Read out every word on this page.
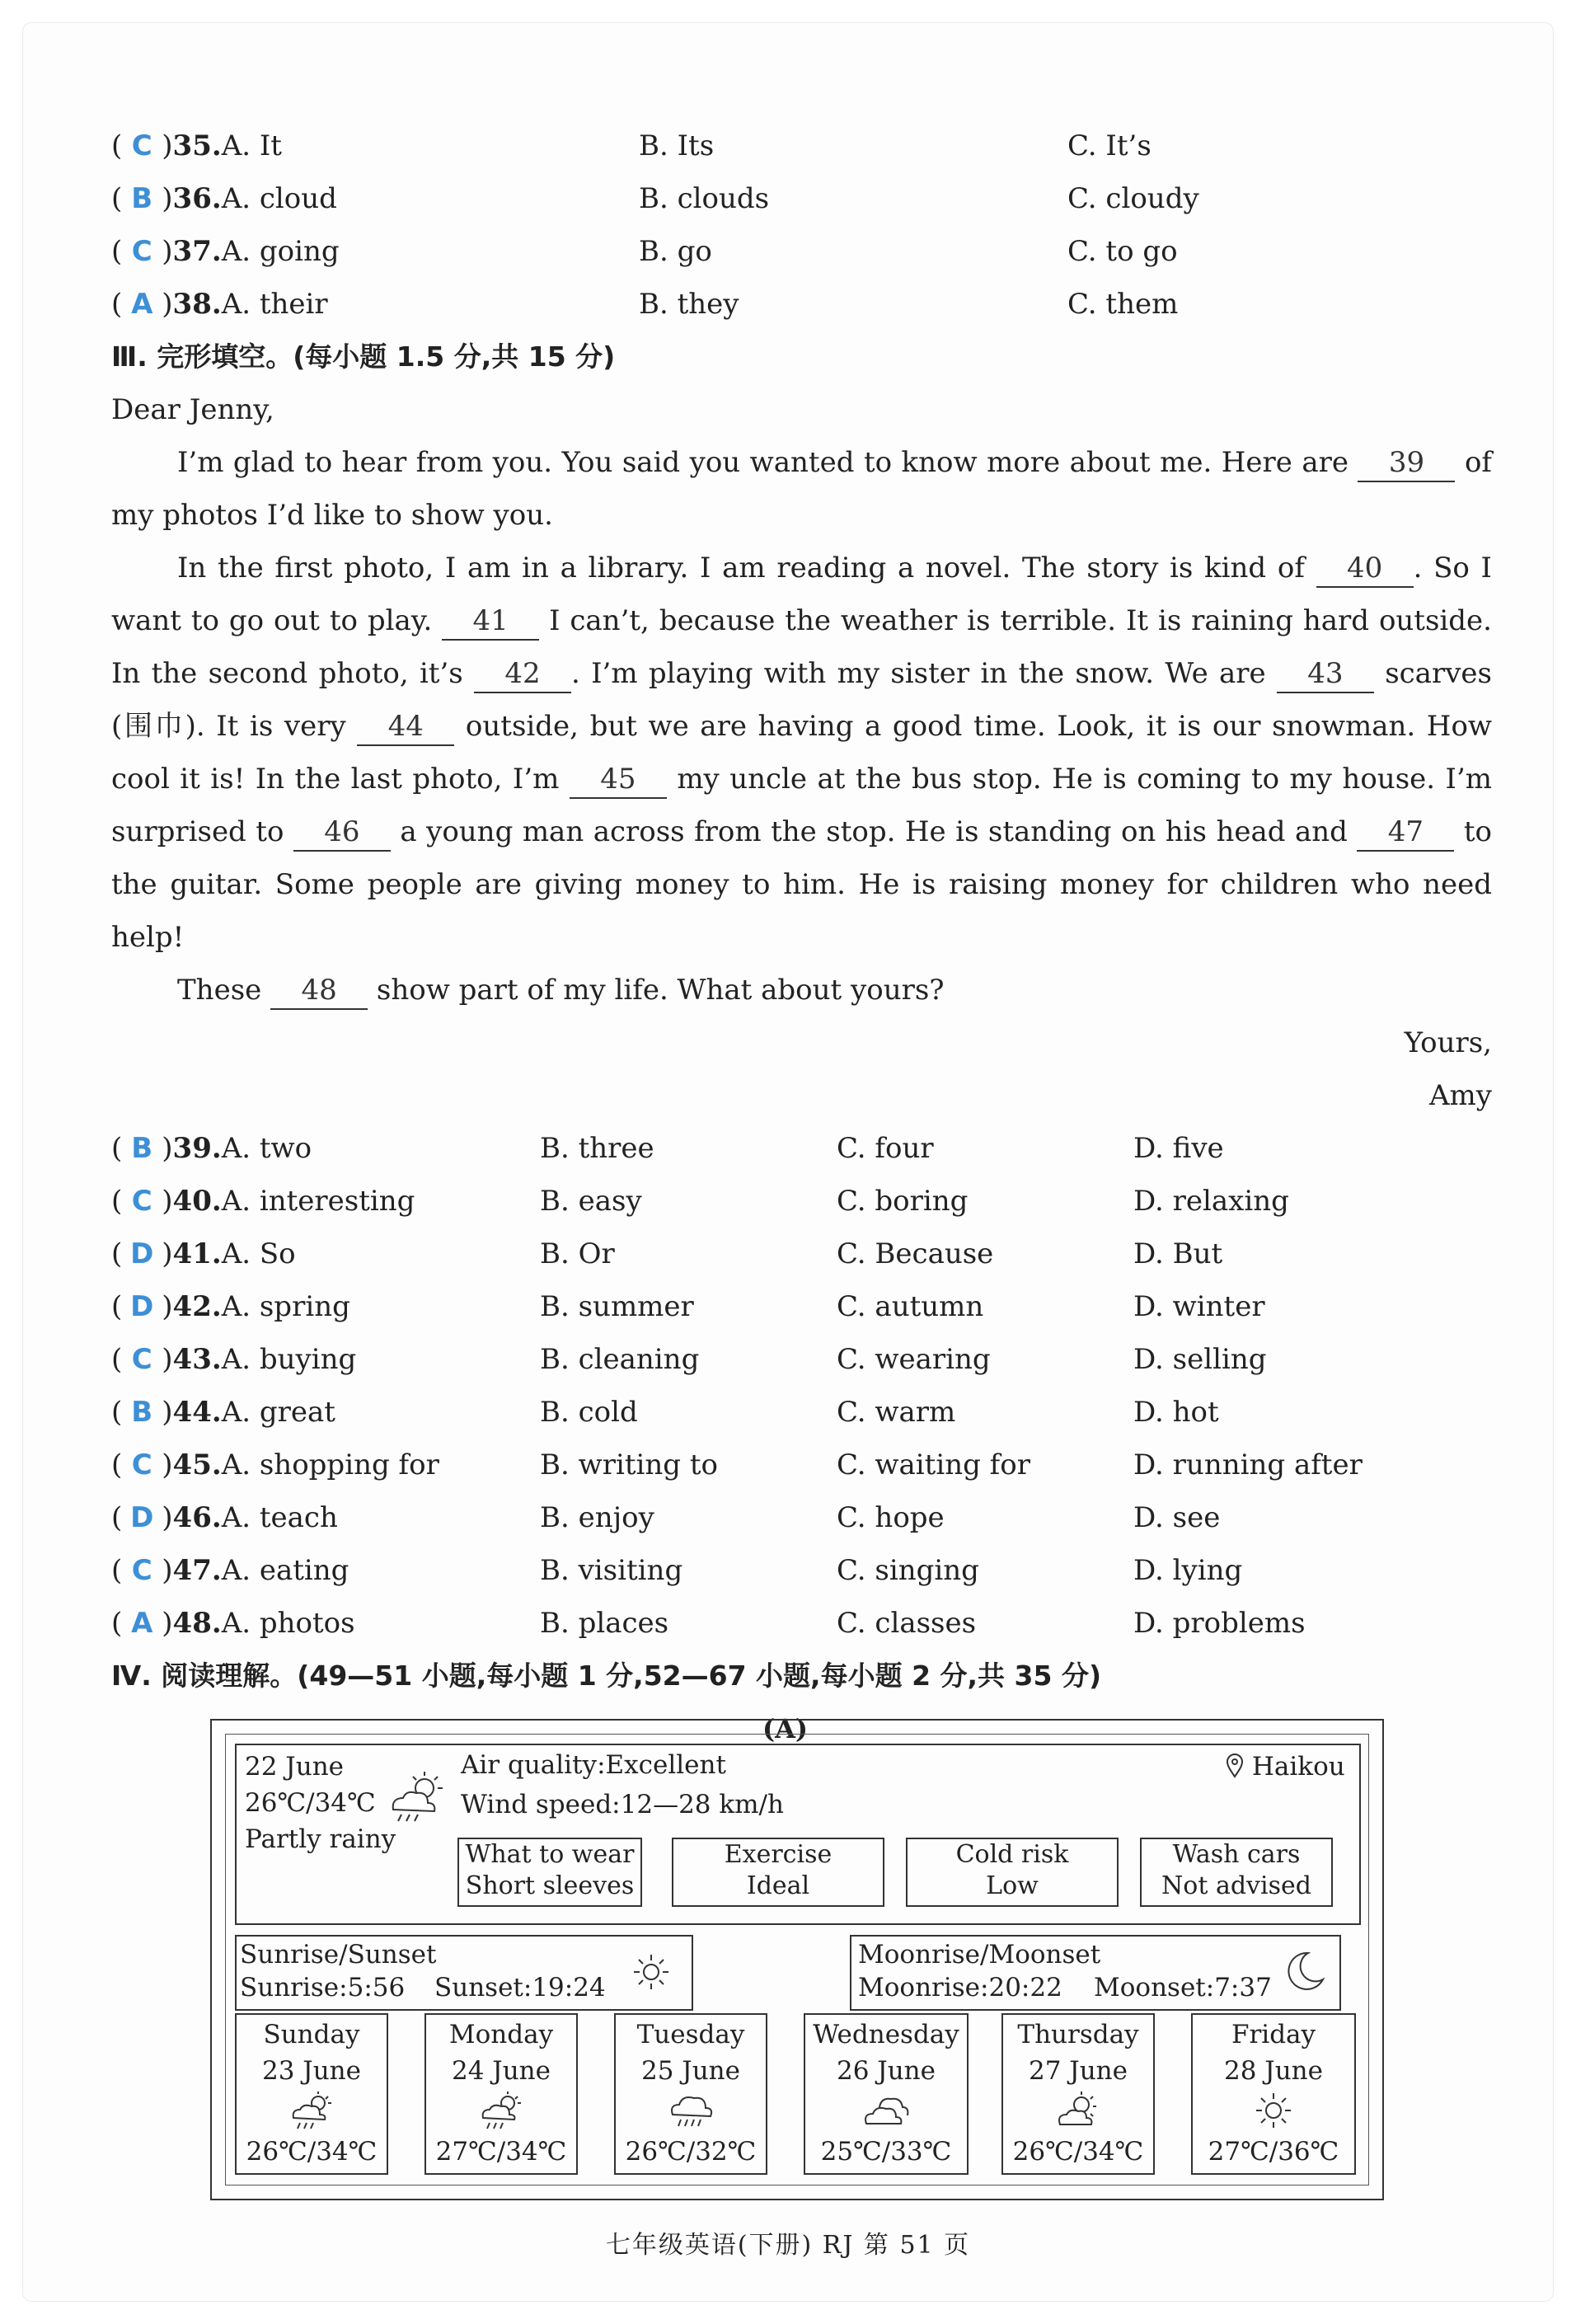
( C )35.A. It	B. Its	C. It’s
( B )36.A. cloud	B. clouds	C. cloudy
( C )37.A. going	B. go	C. to go
( A )38.A. their	B. they	C. them
Ⅲ. 完形填空。(每小题 1.5 分,共 15 分)
Dear Jenny,
I’m glad to hear from you. You said you wanted to know more about me. Here are 39 of my photos I’d like to show you.
In the first photo, I am in a library. I am reading a novel. The story is kind of 40 . So I want to go out to play. 41 I can’t, because the weather is terrible. It is raining hard outside. In the second photo, it’s 42 . I’m playing with my sister in the snow. We are 43 scarves (围巾). It is very 44 outside, but we are having a good time. Look, it is our snowman. How cool it is! In the last photo, I’m 45 my uncle at the bus stop. He is coming to my house. I’m surprised to 46 a young man across from the stop. He is standing on his head and 47 to the guitar. Some people are giving money to him. He is raising money for children who need help!
These 48 show part of my life. What about yours?
Yours,
Amy
( B )39.A. two	B. three	C. four	D. five
( C )40.A. interesting	B. easy	C. boring	D. relaxing
( D )41.A. So	B. Or	C. Because	D. But
( D )42.A. spring	B. summer	C. autumn	D. winter
( C )43.A. buying	B. cleaning	C. wearing	D. selling
( B )44.A. great	B. cold	C. warm	D. hot
( C )45.A. shopping for	B. writing to	C. waiting for	D. running after
( D )46.A. teach	B. enjoy	C. hope	D. see
( C )47.A. eating	B. visiting	C. singing	D. lying
( A )48.A. photos	B. places	C. classes	D. problems
Ⅳ. 阅读理解。(49—51 小题,每小题 1 分,52—67 小题,每小题 2 分,共 35 分)
(A)
22 June
26℃/34℃
Partly rainy
Air quality:Excellent
Wind speed:12—28 km/h
Haikou
What to wear
Short sleeves
Exercise
Ideal
Cold risk
Low
Wash cars
Not advised
Sunrise/Sunset
Sunrise:5:56 Sunset:19:24
Moonrise/Moonset
Moonrise:20:22 Moonset:7:37
Sunday
23 June
26℃/34℃
Monday
24 June
27℃/34℃
Tuesday
25 June
26℃/32℃
Wednesday
26 June
25℃/33℃
Thursday
27 June
26℃/34℃
Friday
28 June
27℃/36℃
七年级英语(下册) RJ 第 51 页
